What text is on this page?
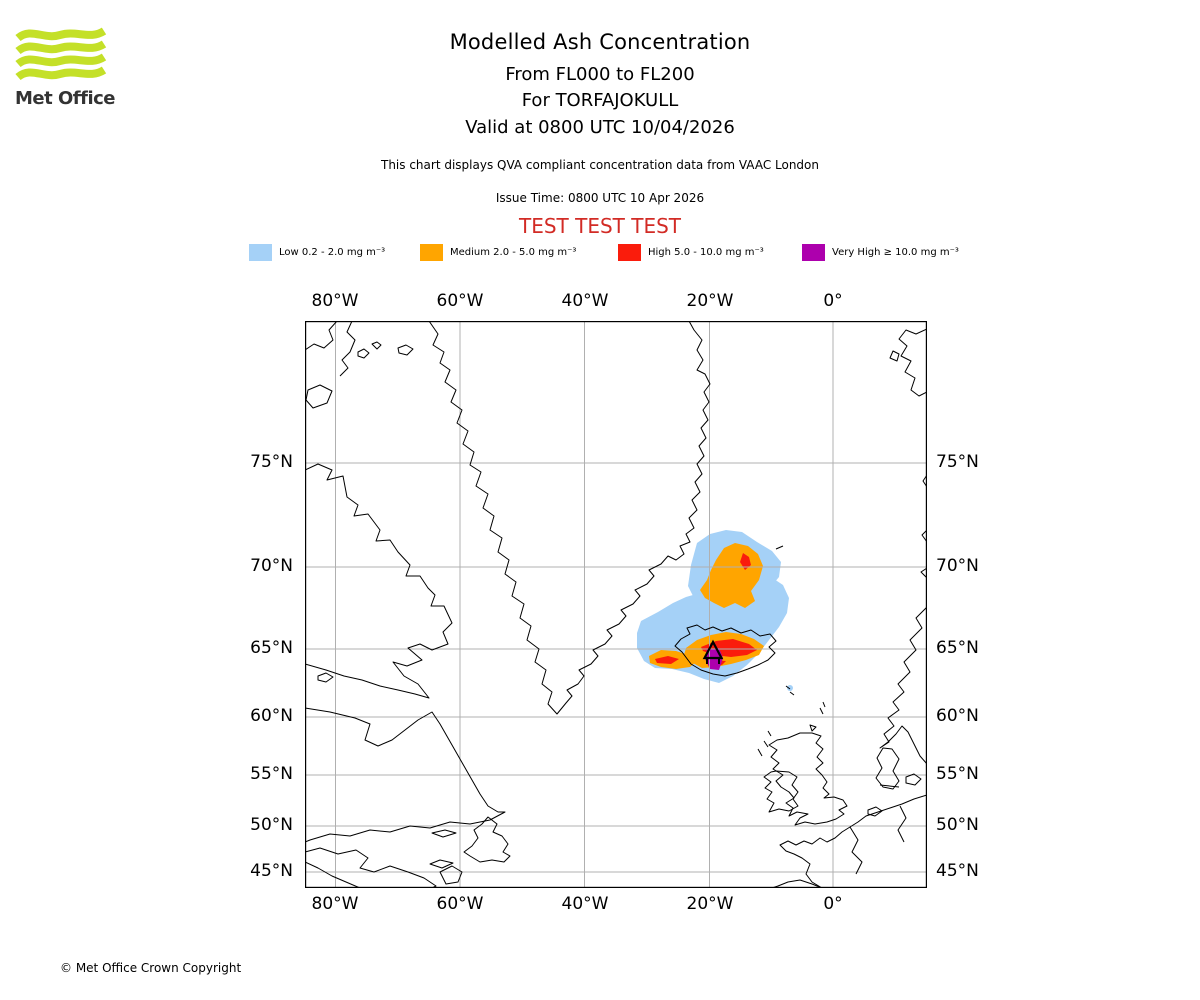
Met Office
Modelled Ash Concentration
From FL000 to FL200
For TORFAJOKULL
Valid at 0800 UTC 10/04/2026
This chart displays QVA compliant concentration data from VAAC London
Issue Time: 0800 UTC 10 Apr 2026
TEST TEST TEST
Low 0.2 - 2.0 mg m⁻³	Medium 2.0 - 5.0 mg m⁻³	High 5.0 - 10.0 mg m⁻³	Very High ≥ 10.0 mg m⁻³
80°W	60°W	40°W	20°W	0°
80°W	60°W	40°W	20°W	0°
75°N
70°N
65°N
60°N
55°N
50°N
45°N
75°N
70°N
65°N
60°N
55°N
50°N
45°N
© Met Office Crown Copyright
